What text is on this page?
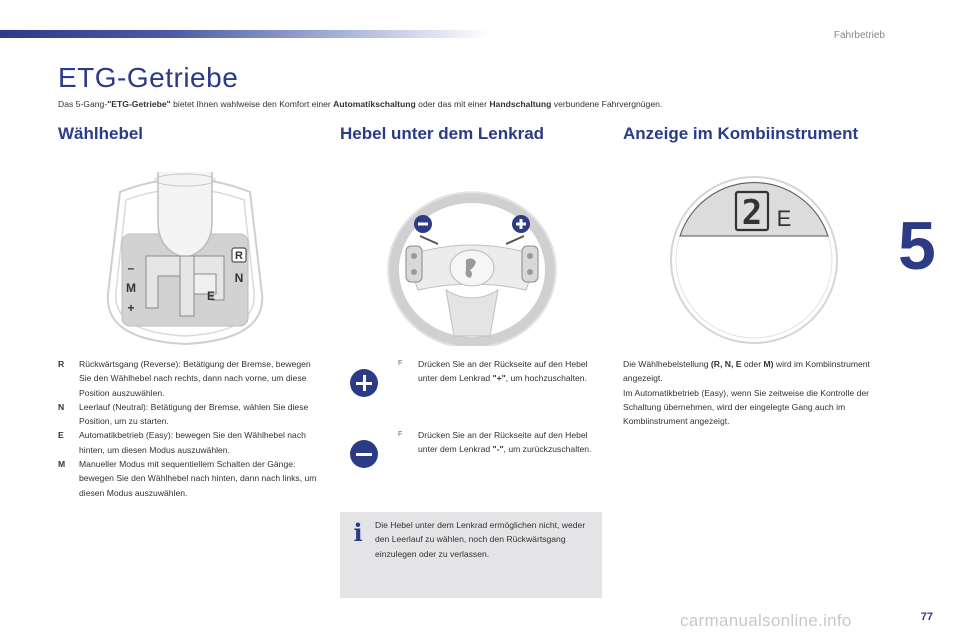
Fahrbetrieb
5
ETG-Getriebe

Das 5-Gang-"ETG-Getriebe" bietet Ihnen wahlweise den Komfort einer Automatikschaltung oder das mit einer Handschaltung verbundene Fahrvergnügen.

Wählhebel	Hebel unter dem Lenkrad	Anzeige im Kombiinstrument
R
N
E
M
–
+
2 E
R	Rückwärtsgang (Reverse): Betätigung der Bremse, bewegen Sie den Wählhebel nach rechts, dann nach vorne, um diese Position auszuwählen.
N	Leerlauf (Neutral): Betätigung der Bremse, wählen Sie diese Position, um zu starten.
E	Automatikbetrieb (Easy): bewegen Sie den Wählhebel nach hinten, um diesen Modus auszuwählen.
M	Manueller Modus mit sequentiellem Schalten der Gänge: bewegen Sie den Wählhebel nach hinten, dann nach links, um diesen Modus auszuwählen.
F	Drücken Sie an der Rückseite auf den Hebel unter dem Lenkrad "+", um hochzuschalten.
F	Drücken Sie an der Rückseite auf den Hebel unter dem Lenkrad "-", um zurückzuschalten.
i	Die Hebel unter dem Lenkrad ermöglichen nicht, weder den Leerlauf zu wählen, noch den Rückwärtsgang einzulegen oder zu verlassen.
Die Wählhebelstellung (R, N, E oder M) wird im Kombiinstrument angezeigt.
Im Automatikbetrieb (Easy), wenn Sie zeitweise die Kontrolle der Schaltung übernehmen, wird der eingelegte Gang auch im Kombiinstrument angezeigt.
carmanualsonline.info	77
